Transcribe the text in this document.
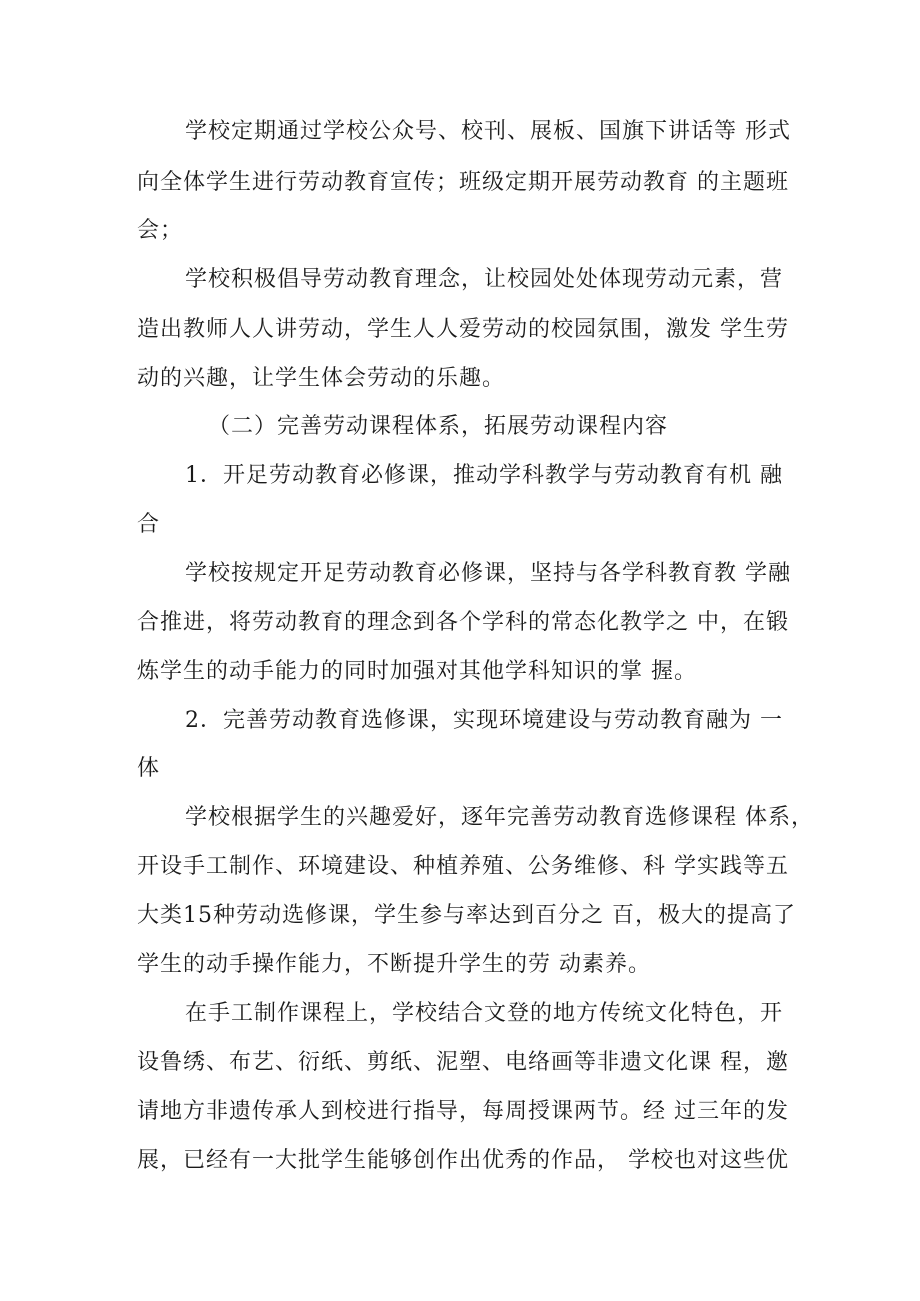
学校定期通过学校公众号、校刊、展板、国旗下讲话等 形式
向全体学生进行劳动教育宣传；班级定期开展劳动教育 的主题班
会；
学校积极倡导劳动教育理念，让校园处处体现劳动元素，营
造出教师人人讲劳动，学生人人爱劳动的校园氛围，激发 学生劳
动的兴趣，让学生体会劳动的乐趣。
（二）完善劳动课程体系，拓展劳动课程内容
1．开足劳动教育必修课，推动学科教学与劳动教育有机 融
合
学校按规定开足劳动教育必修课，坚持与各学科教育教 学融
合推进，将劳动教育的理念到各个学科的常态化教学之 中，在锻
炼学生的动手能力的同时加强对其他学科知识的掌 握。
2．完善劳动教育选修课，实现环境建设与劳动教育融为 一
体
学校根据学生的兴趣爱好，逐年完善劳动教育选修课程 体系，
开设手工制作、环境建设、种植养殖、公务维修、科 学实践等五
大类15种劳动选修课，学生参与率达到百分之 百，极大的提高了
学生的动手操作能力，不断提升学生的劳 动素养。
在手工制作课程上，学校结合文登的地方传统文化特色，开
设鲁绣、布艺、衍纸、剪纸、泥塑、电络画等非遗文化课 程，邀
请地方非遗传承人到校进行指导，每周授课两节。经 过三年的发
展，已经有一大批学生能够创作出优秀的作品， 学校也对这些优
